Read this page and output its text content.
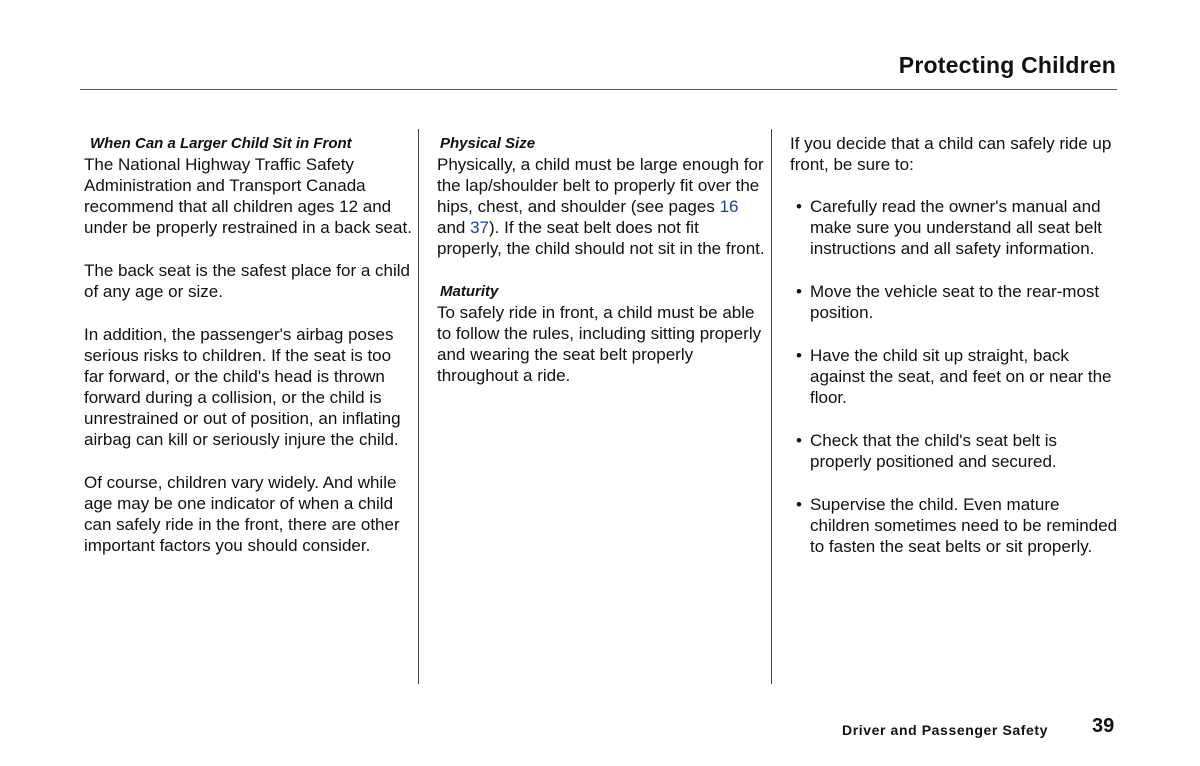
Protecting Children
When Can a Larger Child Sit in Front

The National Highway Traffic Safety Administration and Transport Canada recommend that all children ages 12 and under be properly restrained in a back seat.

The back seat is the safest place for a child of any age or size.

In addition, the passenger's airbag poses serious risks to children. If the seat is too far forward, or the child's head is thrown forward during a collision, or the child is unrestrained or out of position, an inflating airbag can kill or seriously injure the child.

Of course, children vary widely. And while age may be one indicator of when a child can safely ride in the front, there are other important factors you should consider.

Physical Size

Physically, a child must be large enough for the lap/shoulder belt to properly fit over the hips, chest, and shoulder (see pages 16 and 37). If the seat belt does not fit properly, the child should not sit in the front.

Maturity

To safely ride in front, a child must be able to follow the rules, including sitting properly and wearing the seat belt properly throughout a ride.

If you decide that a child can safely ride up front, be sure to:
• Carefully read the owner's manual and make sure you understand all seat belt instructions and all safety information.
• Move the vehicle seat to the rear-most position.
• Have the child sit up straight, back against the seat, and feet on or near the floor.
• Check that the child's seat belt is properly positioned and secured.
• Supervise the child. Even mature children sometimes need to be reminded to fasten the seat belts or sit properly.
Driver and Passenger Safety 39
